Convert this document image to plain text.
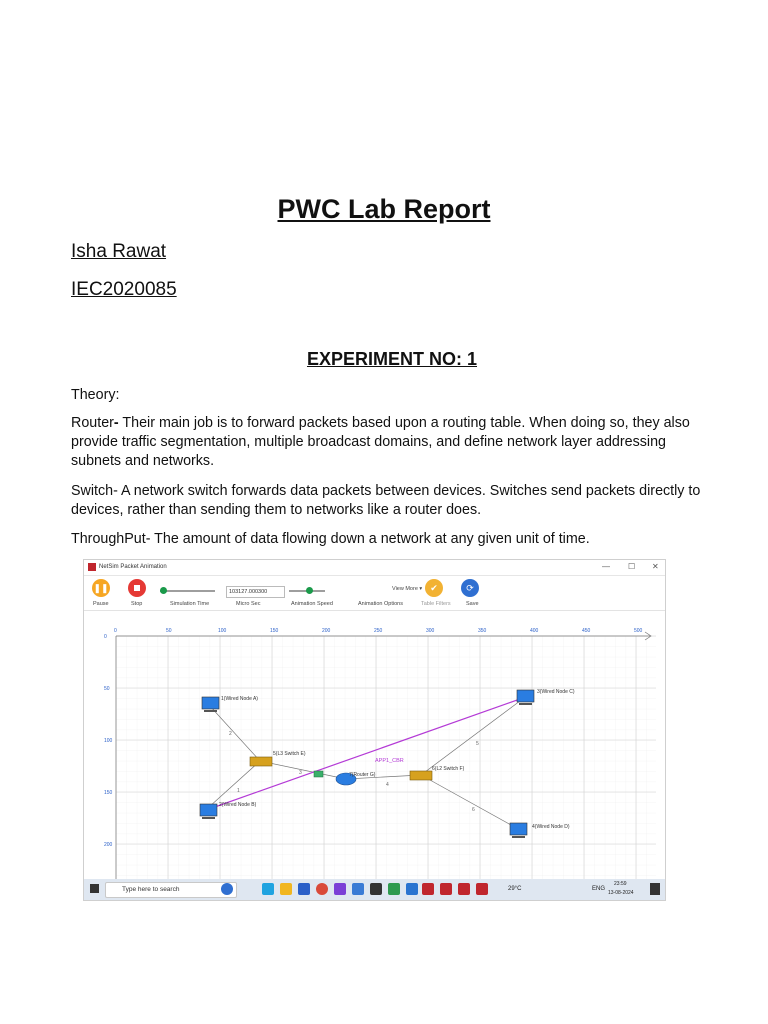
PWC Lab Report
Isha Rawat
IEC2020085
EXPERIMENT NO: 1

Theory:

Router- Their main job is to forward packets based upon a routing table. When doing so, they also provide traffic segmentation, multiple broadcast domains, and define network layer addressing subnets and networks.

Switch- A network switch forwards data packets between devices. Switches send packets directly to devices, rather than sending them to networks like a router does.

ThroughPut- The amount of data flowing down a network at any given unit of time.

NetSim Packet Animation	— ☐ ✕
❚❚
Pause	Stop	Simulation Time
103127.000300
Micro Sec	Animation Speed
View More ▾
Animation Options
✔
Table Filters
⟳
Save
0	50	100	150	200	250	300	350	400	450	500
0
50
100
150
200
APP1_CBR
1
2
3
4
5
6
1(Wired Node A)
2(Wired Node B)
3(Wired Node C)
4(Wired Node D)
5(L3 Switch E)
6(L2 Switch F)
7(Router G)
Type here to search	29°C	ENG
23:59
13-08-2024
